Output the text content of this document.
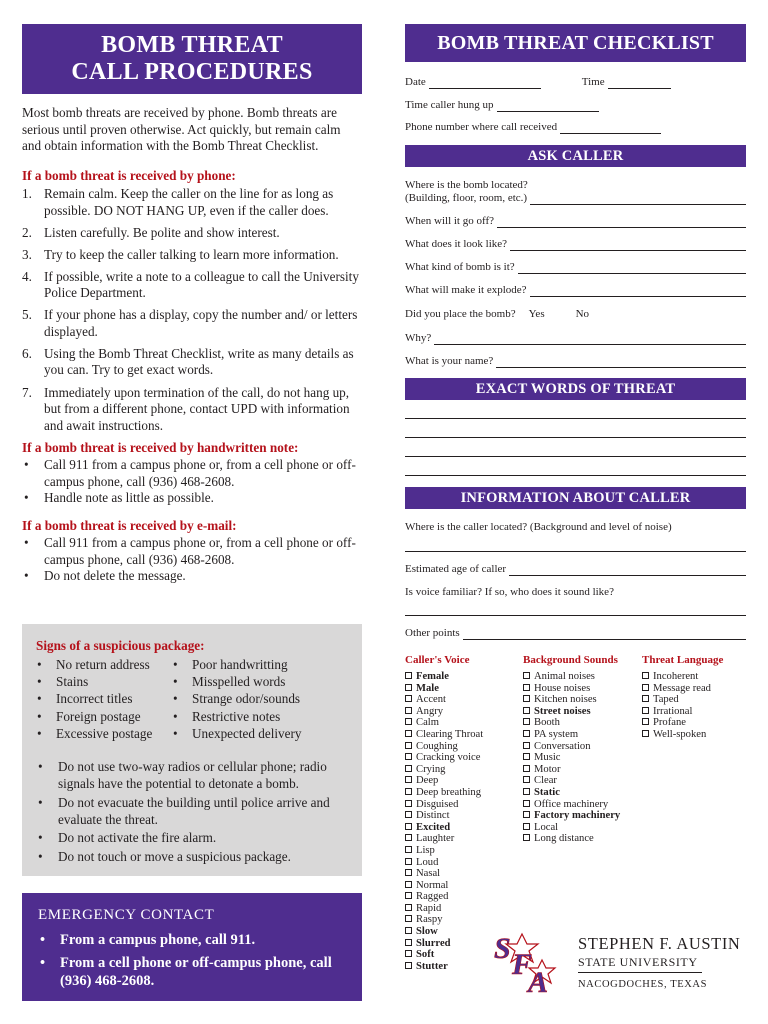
BOMB THREAT
CALL PROCEDURES

Most bomb threats are received by phone. Bomb threats are serious until proven otherwise. Act quickly, but remain calm and obtain information with the Bomb Threat Checklist.

If a bomb threat is received by phone:
1. Remain calm. Keep the caller on the line for as long as possible. DO NOT HANG UP, even if the caller does.
2. Listen carefully. Be polite and show interest.
3. Try to keep the caller talking to learn more information.
4. If possible, write a note to a colleague to call the University Police Department.
5. If your phone has a display, copy the number and/ or letters displayed.
6. Using the Bomb Threat Checklist, write as many details as you can. Try to get exact words.
7. Immediately upon termination of the call, do not hang up, but from a different phone, contact UPD with information and await instructions.
If a bomb threat is received by handwritten note:
• Call 911 from a campus phone or, from a cell phone or off-campus phone, call (936) 468-2608.
• Handle note as little as possible.
If a bomb threat is received by e-mail:
• Call 911 from a campus phone or, from a cell phone or off-campus phone, call (936) 468-2608.
• Do not delete the message.
Signs of a suspicious package:
• No return address
• Stains
• Incorrect titles
• Foreign postage
• Excessive postage
• Poor handwritting
• Misspelled words
• Strange odor/sounds
• Restrictive notes
• Unexpected delivery
• Do not use two-way radios or cellular phone; radio signals have the potential to detonate a bomb.
• Do not evacuate the building until police arrive and evaluate the threat.
• Do not activate the fire alarm.
• Do not touch or move a suspicious package.
EMERGENCY CONTACT
• From a campus phone, call 911.
• From a cell phone or off-campus phone, call (936) 468-2608.
BOMB THREAT CHECKLIST
Date	Time
Time caller hung up
Phone number where call received
ASK CALLER
Where is the bomb located?
(Building, floor, room, etc.)
When will it go off?
What does it look like?
What kind of bomb is it?
What will make it explode?
Did you place the bomb? Yes	No
Why?
What is your name?
EXACT WORDS OF THREAT
INFORMATION ABOUT CALLER
Where is the caller located? (Background and level of noise)
Estimated age of caller
Is voice familiar? If so, who does it sound like?
Other points
Caller's Voice
Female
Male
Accent
Angry
Calm
Clearing Throat
Coughing
Cracking voice
Crying
Deep
Deep breathing
Disguised
Distinct
Excited
Laughter
Lisp
Loud
Nasal
Normal
Ragged
Rapid
Raspy
Slow
Slurred
Soft
Stutter
Background Sounds
Animal noises
House noises
Kitchen noises
Street noises
Booth
PA system
Conversation
Music
Motor
Clear
Static
Office machinery
Factory machinery
Local
Long distance
Threat Language
Incoherent
Message read
Taped
Irrational
Profane
Well-spoken
S F
A
STEPHEN F. AUSTIN
STATE UNIVERSITY
NACOGDOCHES, TEXAS
